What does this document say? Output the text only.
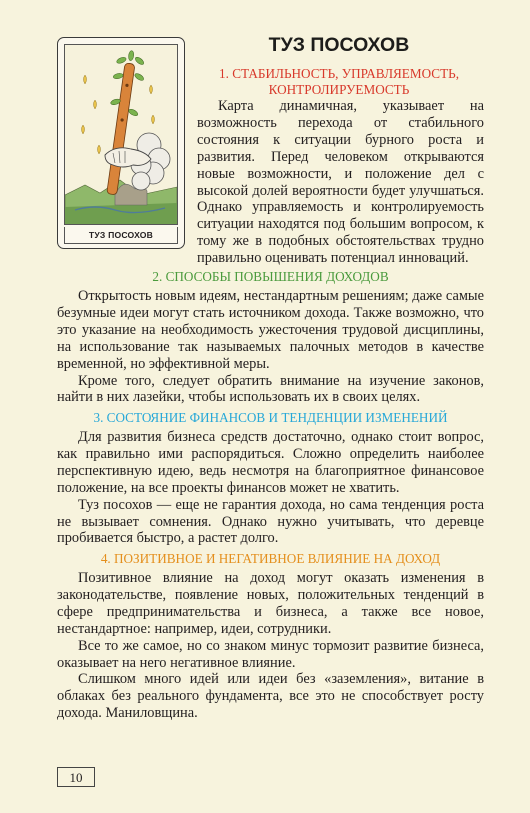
ТУЗ ПОСОХОВ
ТУЗ ПОСОХОВ
1. СТАБИЛЬНОСТЬ, УПРАВЛЯЕМОСТЬ, КОНТРОЛИРУЕМОСТЬ

Карта динамичная, указывает на возможность перехода от стабильного состояния к ситуации бурного роста и развития. Перед человеком открываются новые возможности, и положение дел с высокой долей вероятности будет улучшаться. Однако управляемость и контролируемость ситуации находятся под большим вопросом, к тому же в подобных обстоятельствах трудно правильно оценивать потенциал инноваций.

2. СПОСОБЫ ПОВЫШЕНИЯ ДОХОДОВ

Открытость новым идеям, нестандартным решениям; даже самые безумные идеи могут стать источником дохода. Также возможно, что это указание на необходимость ужесточения трудовой дисциплины, на использование так называемых палочных методов в качестве временной, но эффективной меры.

Кроме того, следует обратить внимание на изучение законов, найти в них лазейки, чтобы использовать их в своих целях.

3. СОСТОЯНИЕ ФИНАНСОВ И ТЕНДЕНЦИИ ИЗМЕНЕНИЙ

Для развития бизнеса средств достаточно, однако стоит вопрос, как правильно ими распорядиться. Сложно определить наиболее перспективную идею, ведь несмотря на благоприятное финансовое положение, на все проекты финансов может не хватить.

Туз посохов — еще не гарантия дохода, но сама тенденция роста не вызывает сомнения. Однако нужно учитывать, что деревце пробивается быстро, а растет долго.

4. ПОЗИТИВНОЕ И НЕГАТИВНОЕ ВЛИЯНИЕ НА ДОХОД

Позитивное влияние на доход могут оказать изменения в законодательстве, появление новых, положительных тенденций в сфере предпринимательства и бизнеса, а также все новое, нестандартное: например, идеи, сотрудники.

Все то же самое, но со знаком минус тормозит развитие бизнеса, оказывает на него негативное влияние.

Слишком много идей или идеи без «заземления», витание в облаках без реального фундамента, все это не способствует росту дохода. Маниловщина.

10
